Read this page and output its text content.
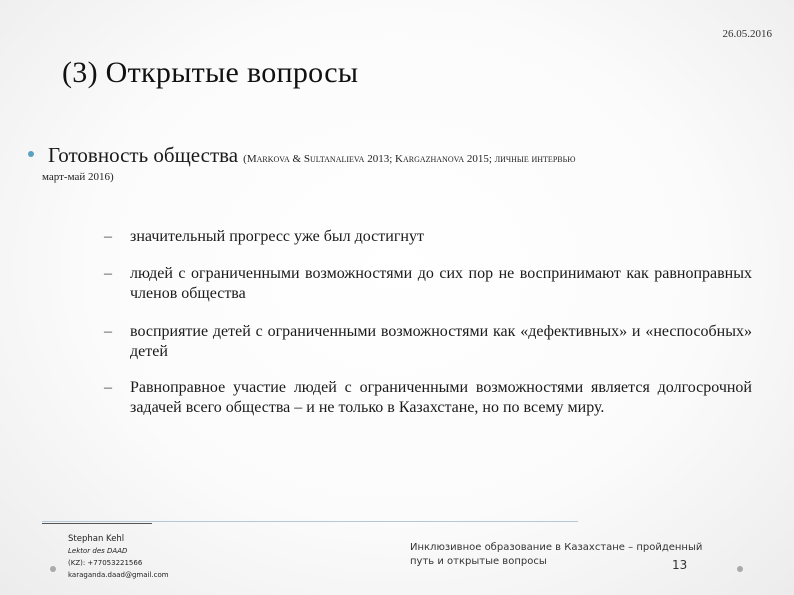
26.05.2016
(3) Открытые вопросы
Готовность общества (Markova & Sultanalieva 2013; Kargazhanova 2015; личные интервью
март-май 2016)
– значительный прогресс уже был достигнут
– людей с ограниченными возможностями до сих пор не воспринимают как равноправных членов общества
– восприятие детей с ограниченными возможностями как «дефективных» и «неспособных» детей
– Равноправное участие людей с ограниченными возможностями является долгосрочной задачей всего общества – и не только в Казахстане, но по всему миру.
Stephan Kehl
Lektor des DAAD
(KZ): +77053221566
karaganda.daad@gmail.com
Инклюзивное образование в Казахстане – пройденный путь и открытые вопросы	13
